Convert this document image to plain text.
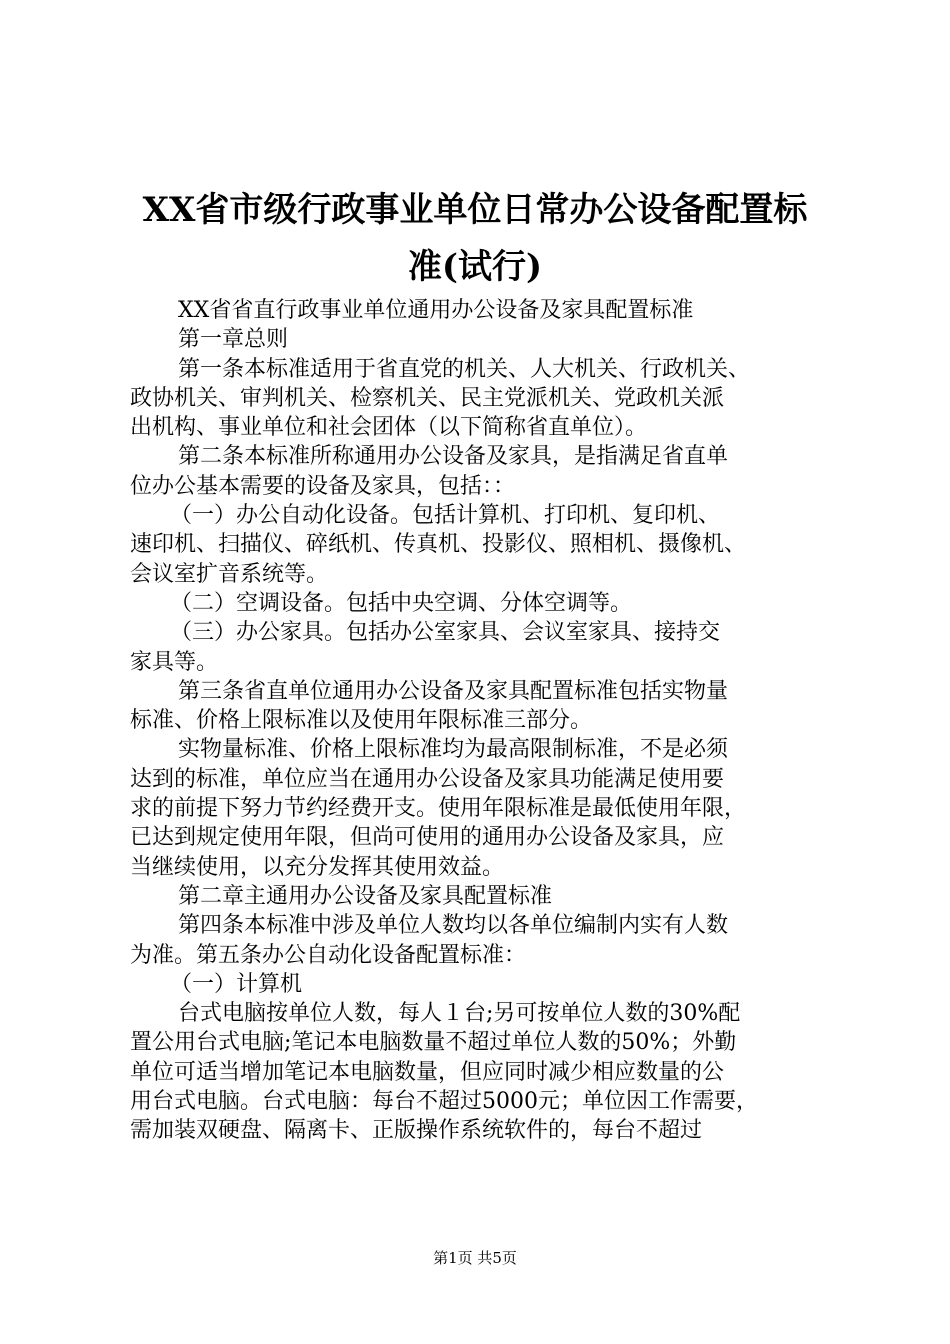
XX省市级行政事业单位日常办公设备配置标
准(试行)
XX省省直行政事业单位通用办公设备及家具配置标准
第一章总则
第一条本标准适用于省直党的机关、人大机关、行政机关、
政协机关、审判机关、检察机关、民主党派机关、党政机关派
出机构、事业单位和社会团体（以下简称省直单位）。
第二条本标准所称通用办公设备及家具，是指满足省直单
位办公基本需要的设备及家具，包括：：
（一）办公自动化设备。包括计算机、打印机、复印机、
速印机、扫描仪、碎纸机、传真机、投影仪、照相机、摄像机、
会议室扩音系统等。
（二）空调设备。包括中央空调、分体空调等。
（三）办公家具。包括办公室家具、会议室家具、接持交
家具等。
第三条省直单位通用办公设备及家具配置标准包括实物量
标准、价格上限标准以及使用年限标准三部分。
实物量标准、价格上限标准均为最高限制标准，不是必须
达到的标准，单位应当在通用办公设备及家具功能满足使用要
求的前提下努力节约经费开支。使用年限标准是最低使用年限，
已达到规定使用年限，但尚可使用的通用办公设备及家具，应
当继续使用，以充分发挥其使用效益。
第二章主通用办公设备及家具配置标准
第四条本标准中涉及单位人数均以各单位编制内实有人数
为准。第五条办公自动化设备配置标准：
（一）计算机
台式电脑按单位人数，每人１台;另可按单位人数的30%配
置公用台式电脑;笔记本电脑数量不超过单位人数的50%；外勤
单位可适当增加笔记本电脑数量，但应同时减少相应数量的公
用台式电脑。台式电脑：每台不超过5000元；单位因工作需要，
需加装双硬盘、隔离卡、正版操作系统软件的，每台不超过
第1页 共5页
